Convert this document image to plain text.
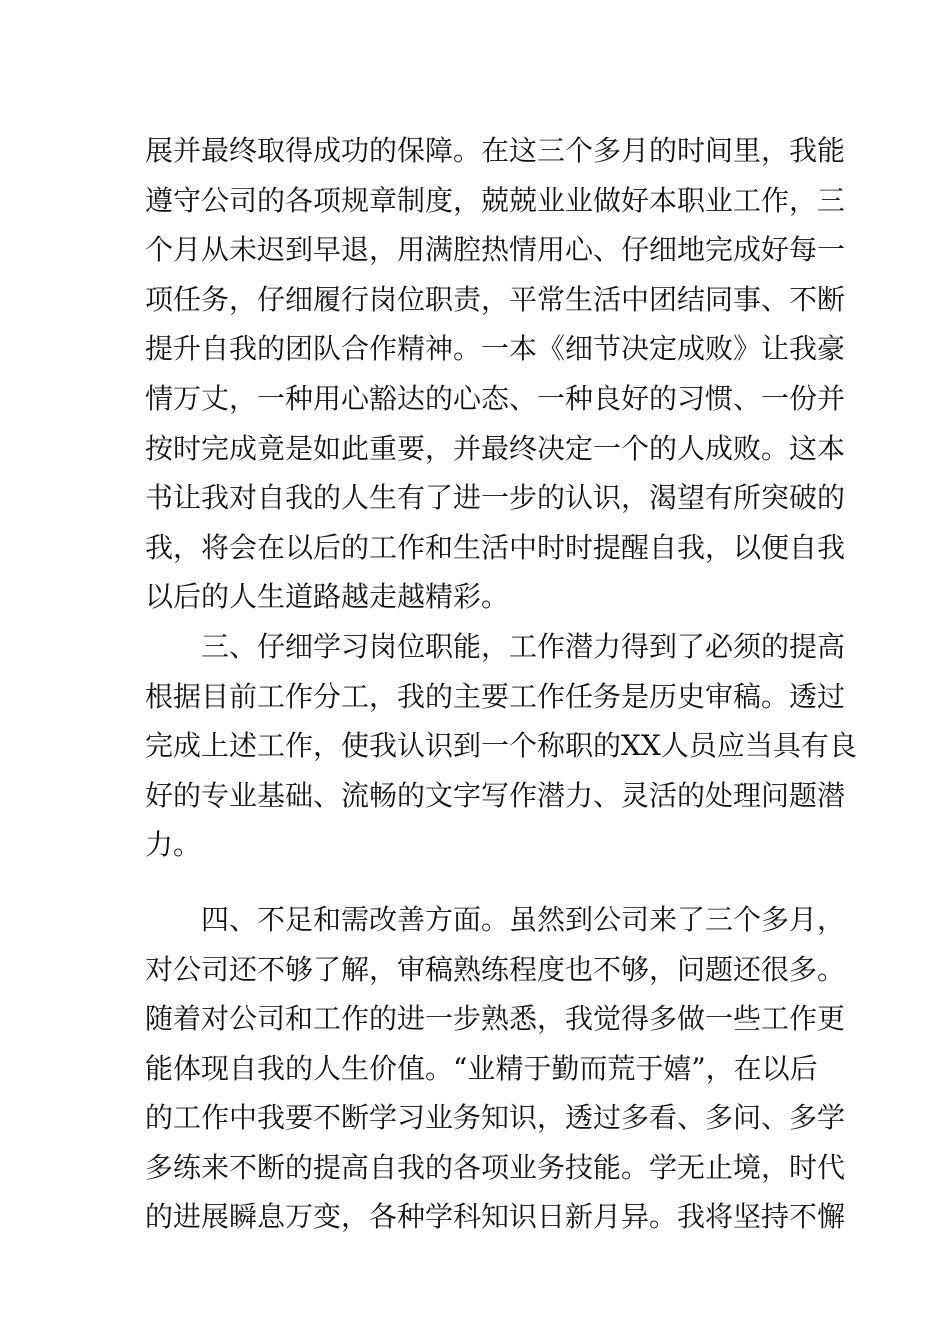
展并最终取得成功的保障。在这三个多月的时间里，我能
遵守公司的各项规章制度，兢兢业业做好本职业工作，三
个月从未迟到早退，用满腔热情用心、仔细地完成好每一
项任务，仔细履行岗位职责，平常生活中团结同事、不断
提升自我的团队合作精神。一本《细节决定成败》让我豪
情万丈，一种用心豁达的心态、一种良好的习惯、一份并
按时完成竟是如此重要，并最终决定一个的人成败。这本
书让我对自我的人生有了进一步的认识，渴望有所突破的
我，将会在以后的工作和生活中时时提醒自我，以便自我
以后的人生道路越走越精彩。
三、仔细学习岗位职能，工作潜力得到了必须的提高
根据目前工作分工，我的主要工作任务是历史审稿。透过
完成上述工作，使我认识到一个称职的XX人员应当具有良
好的专业基础、流畅的文字写作潜力、灵活的处理问题潜
力。
四、不足和需改善方面。虽然到公司来了三个多月，
对公司还不够了解，审稿熟练程度也不够，问题还很多。
随着对公司和工作的进一步熟悉，我觉得多做一些工作更
能体现自我的人生价值。“业精于勤而荒于嬉”，在以后
的工作中我要不断学习业务知识，透过多看、多问、多学
多练来不断的提高自我的各项业务技能。学无止境，时代
的进展瞬息万变，各种学科知识日新月异。我将坚持不懈
